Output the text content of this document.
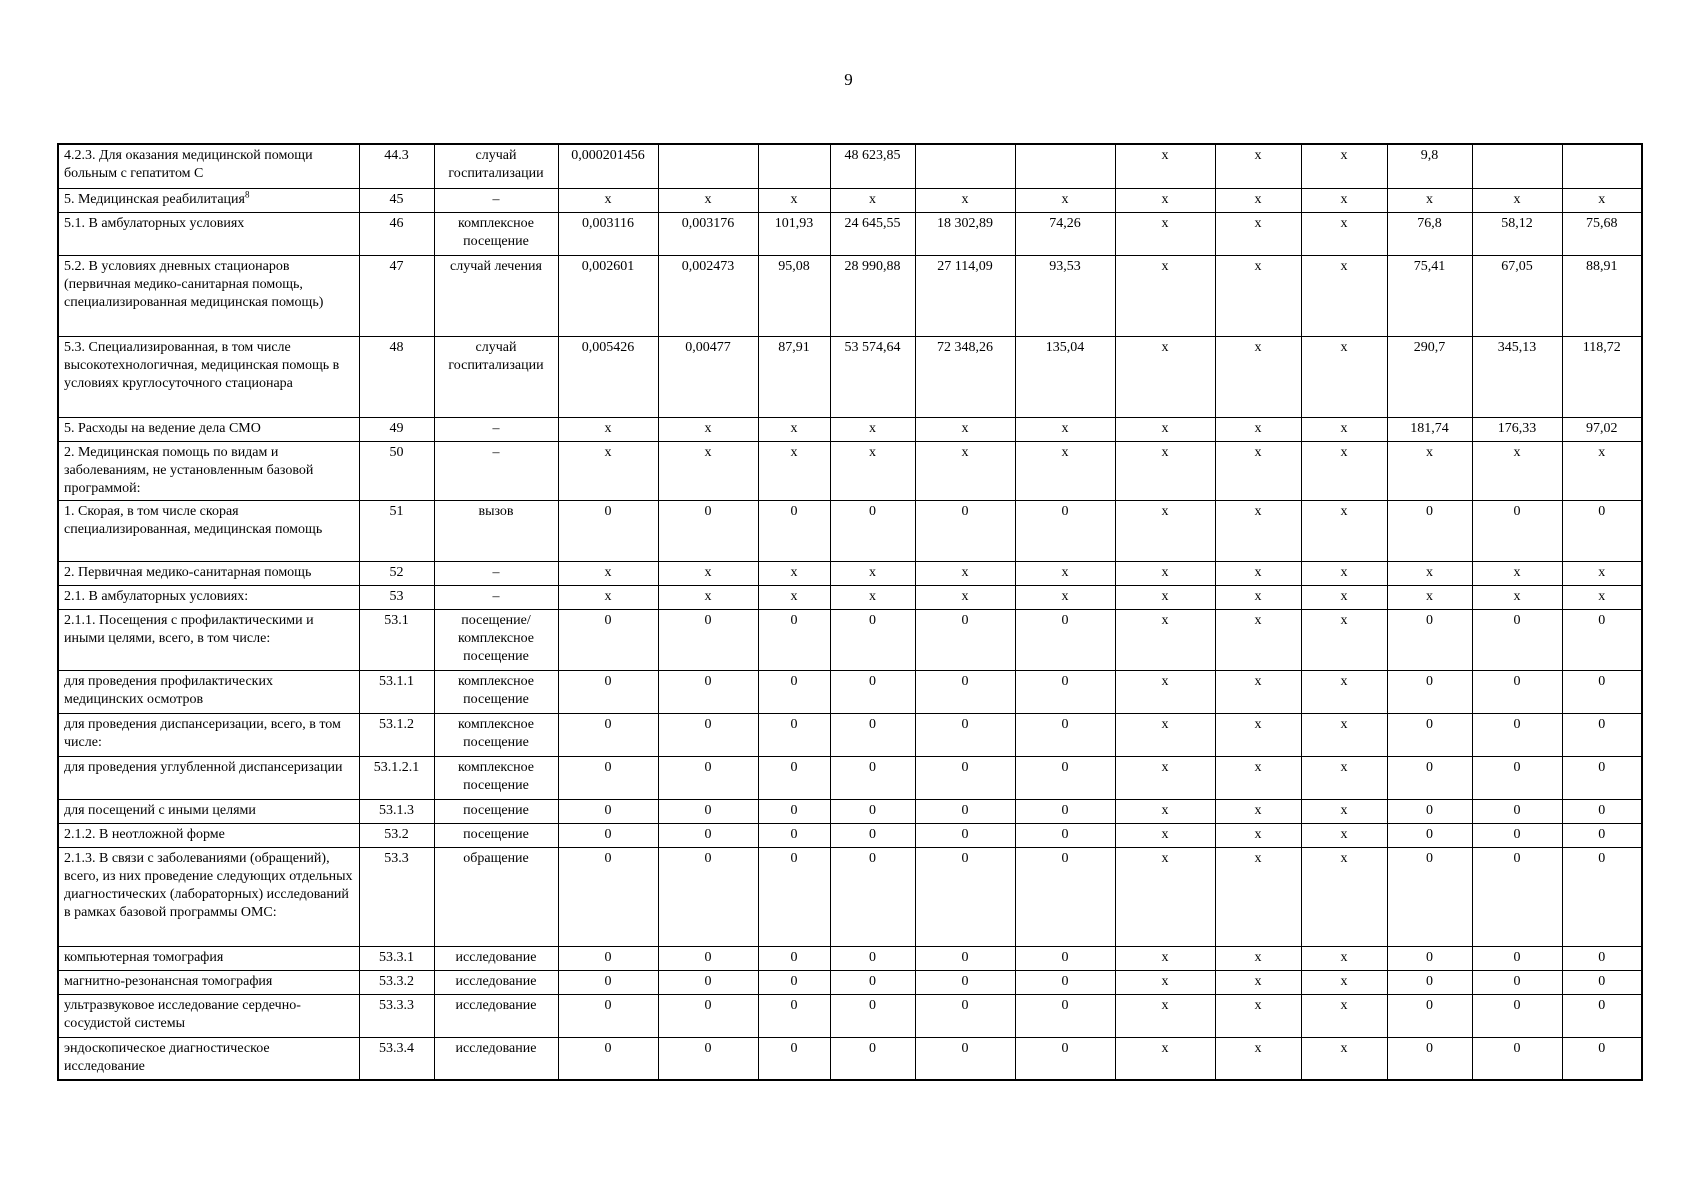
9
4.2.3. Для оказания медицинской помощи больным с гепатитом С	44.3	случай госпитализации	0,000201456			48 623,85			х	х	х	9,8		
5. Медицинская реабилитация$^8$	45	–	х	х	х	х	х	х	х	х	х	х	х	х
5.1. В амбулаторных условиях	46	комплексное посещение	0,003116	0,003176	101,93	24 645,55	18 302,89	74,26	х	х	х	76,8	58,12	75,68
5.2. В условиях дневных стационаров (первичная медико-санитарная помощь, специализированная медицинская помощь)	47	случай лечения	0,002601	0,002473	95,08	28 990,88	27 114,09	93,53	х	х	х	75,41	67,05	88,91
5.3. Специализированная, в том числе высокотехнологичная, медицинская помощь в условиях круглосуточного стационара	48	случай госпитализации	0,005426	0,00477	87,91	53 574,64	72 348,26	135,04	х	х	х	290,7	345,13	118,72
5. Расходы на ведение дела СМО	49	–	х	х	х	х	х	х	х	х	х	181,74	176,33	97,02
2. Медицинская помощь по видам и заболеваниям, не установленным базовой программой:	50	–	х	х	х	х	х	х	х	х	х	х	х	х
1. Скорая, в том числе скорая специализированная, медицинская помощь	51	вызов	0	0	0	0	0	0	х	х	х	0	0	0
2. Первичная медико-санитарная помощь	52	–	х	х	х	х	х	х	х	х	х	х	х	х
2.1. В амбулаторных условиях:	53	–	х	х	х	х	х	х	х	х	х	х	х	х
2.1.1. Посещения с профилактическими и иными целями, всего, в том числе:	53.1	посещение/ комплексное посещение	0	0	0	0	0	0	х	х	х	0	0	0
для проведения профилактических медицинских осмотров	53.1.1	комплексное посещение	0	0	0	0	0	0	х	х	х	0	0	0
для проведения диспансеризации, всего, в том числе:	53.1.2	комплексное посещение	0	0	0	0	0	0	х	х	х	0	0	0
для проведения углубленной диспансеризации	53.1.2.1	комплексное посещение	0	0	0	0	0	0	х	х	х	0	0	0
для посещений с иными целями	53.1.3	посещение	0	0	0	0	0	0	х	х	х	0	0	0
2.1.2. В неотложной форме	53.2	посещение	0	0	0	0	0	0	х	х	х	0	0	0
2.1.3. В связи с заболеваниями (обращений), всего, из них проведение следующих отдельных диагностических (лабораторных) исследований в рамках базовой программы ОМС:	53.3	обращение	0	0	0	0	0	0	х	х	х	0	0	0
компьютерная томография	53.3.1	исследование	0	0	0	0	0	0	х	х	х	0	0	0
магнитно-резонансная томография	53.3.2	исследование	0	0	0	0	0	0	х	х	х	0	0	0
ультразвуковое исследование сердечно-сосудистой системы	53.3.3	исследование	0	0	0	0	0	0	х	х	х	0	0	0
эндоскопическое диагностическое исследование	53.3.4	исследование	0	0	0	0	0	0	х	х	х	0	0	0
